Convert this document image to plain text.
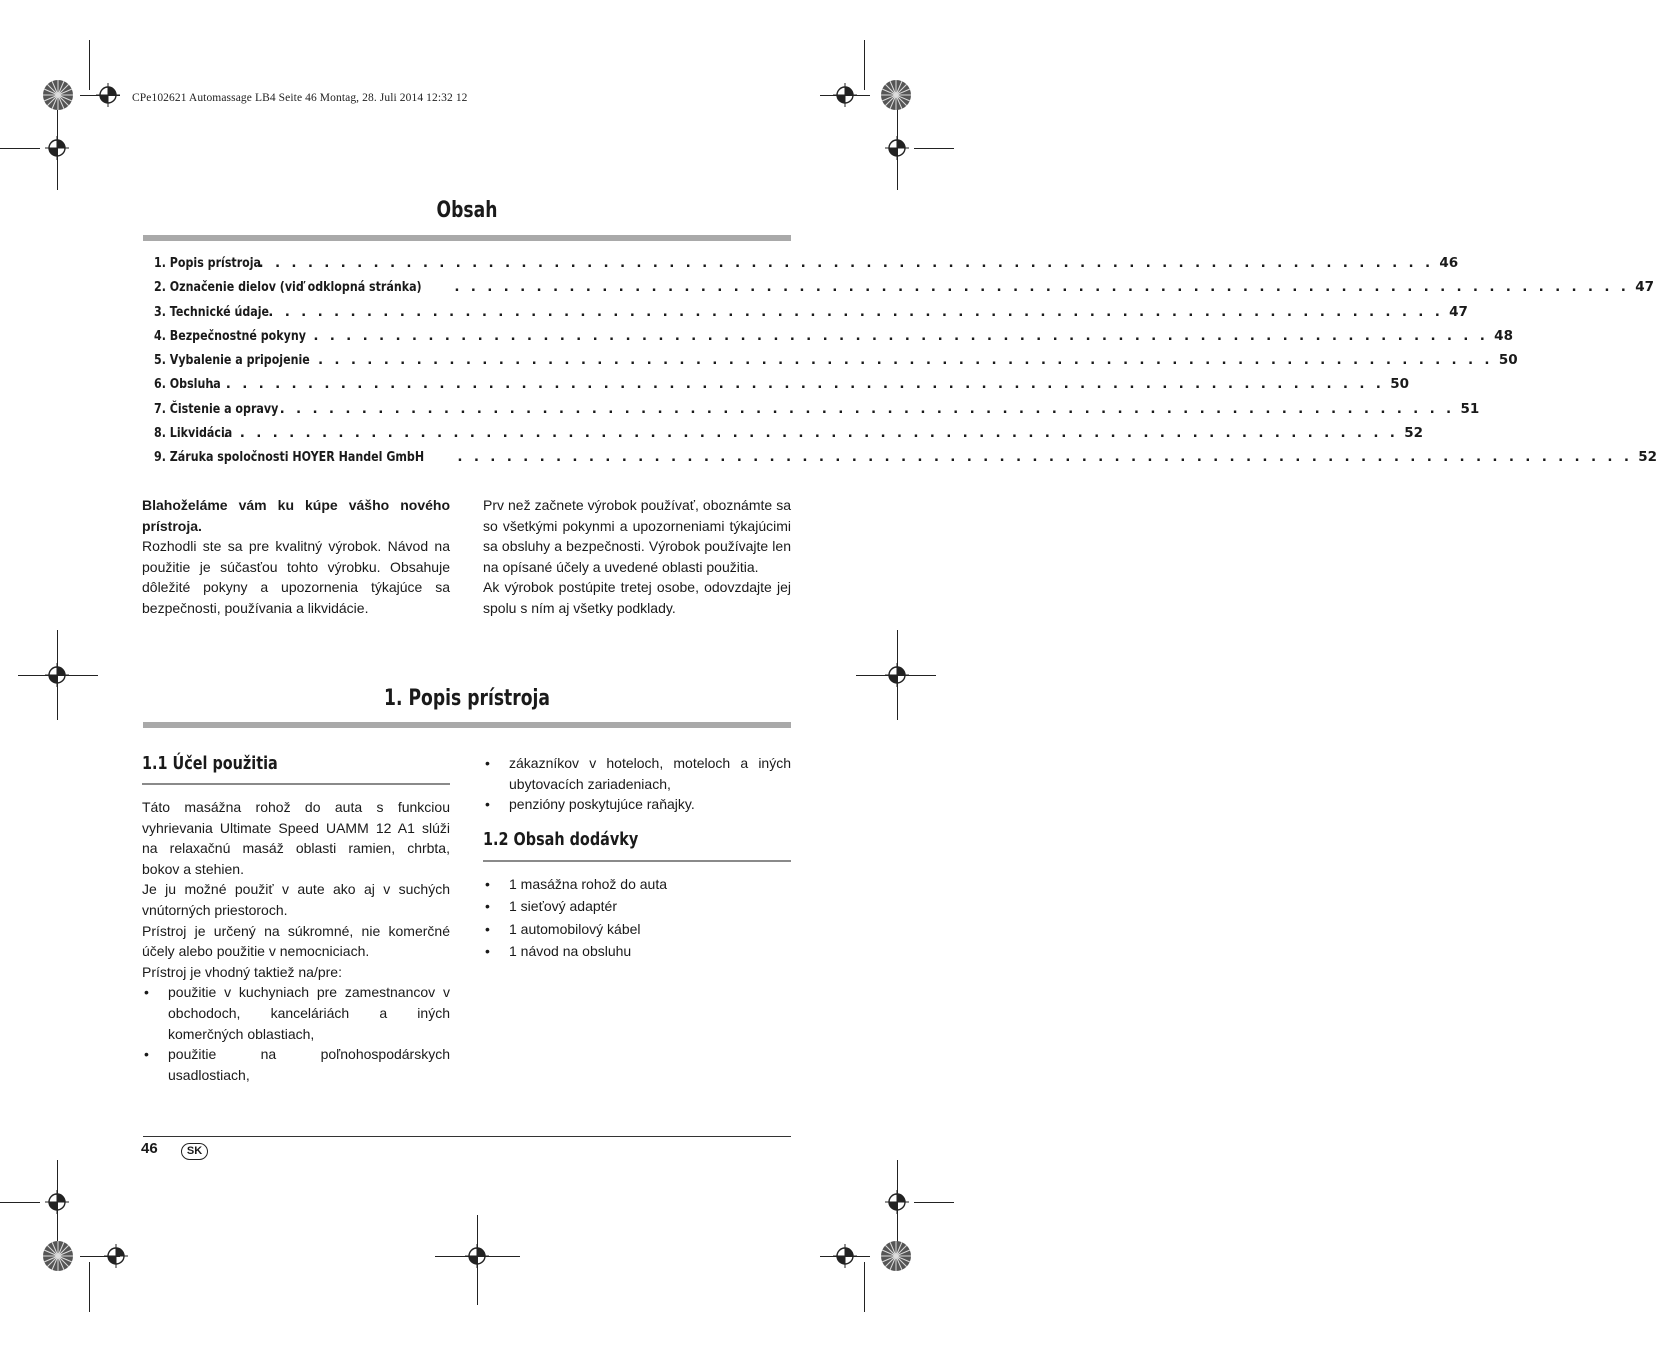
CPe102621 Automassage LB4 Seite 46 Montag, 28. Juli 2014 12:32 12
Obsah
1. Popis prístroja
. . . . . . . . . . . . . . . . . . . . . . . . . . . . . . . . . . . . . . . . . . . . . . . . . . . . . . . . . . . . . . . . . . . . . . . . 46
2. Označenie dielov (viď odklopná stránka) . . . . . . . . . . . . . . . . . . . . . . . . . . . . . . . . . . . . . . . . . . . . . . . . . . . . . . . . . . . . . . . . . . . . . . . . 47
3. Technické údaje . . . . . . . . . . . . . . . . . . . . . . . . . . . . . . . . . . . . . . . . . . . . . . . . . . . . . . . . . . . . . . . . . . . . . . . . 47
4. Bezpečnostné pokyny . . . . . . . . . . . . . . . . . . . . . . . . . . . . . . . . . . . . . . . . . . . . . . . . . . . . . . . . . . . . . . . . . . . . . . . . 48
5. Vybalenie a pripojenie . . . . . . . . . . . . . . . . . . . . . . . . . . . . . . . . . . . . . . . . . . . . . . . . . . . . . . . . . . . . . . . . . . . . . . . . 50
6. Obsluha
. . . . . . . . . . . . . . . . . . . . . . . . . . . . . . . . . . . . . . . . . . . . . . . . . . . . . . . . . . . . . . . . . . . . . . . . 50
7. Čistenie a opravy . . . . . . . . . . . . . . . . . . . . . . . . . . . . . . . . . . . . . . . . . . . . . . . . . . . . . . . . . . . . . . . . . . . . . . . . 51
8. Likvidácia
. . . . . . . . . . . . . . . . . . . . . . . . . . . . . . . . . . . . . . . . . . . . . . . . . . . . . . . . . . . . . . . . . . . . . . . . 52
9. Záruka spoločnosti HOYER Handel GmbH . . . . . . . . . . . . . . . . . . . . . . . . . . . . . . . . . . . . . . . . . . . . . . . . . . . . . . . . . . . . . . . . . . . . . . . . 52

Blahoželáme vám ku kúpe vášho nového prístroja.

Rozhodli ste sa pre kvalitný výrobok. Návod na použitie je súčasťou tohto výrobku. Obsahuje dôležité pokyny a upozornenia týkajúce sa bezpečnosti, používania a likvidácie.

Prv než začnete výrobok používať, oboznámte sa so všetkými pokynmi a upozorneniami týkajúcimi sa obsluhy a bezpečnosti. Výrobok používajte len na opísané účely a uvedené oblasti použitia.

Ak výrobok postúpite tretej osobe, odovzdajte jej spolu s ním aj všetky podklady.

1. Popis prístroja
1.1 Účel použitia

Táto masážna rohož do auta s funkciou vyhrievania Ultimate Speed UAMM 12 A1 slúži na relaxačnú masáž oblasti ramien, chrbta, bokov a stehien.

Je ju možné použiť v aute ako aj v suchých vnútorných priestoroch.

Prístroj je určený na súkromné, nie komerčné účely alebo použitie v nemocniciach.

Prístroj je vhodný taktiež na/pre:

• použitie v kuchyniach pre zamestnancov v obchodoch, kanceláriách a iných komerčných oblastiach,
• použitie na poľnohospodárskych usadlostiach,
• zákazníkov v hoteloch, moteloch a iných ubytovacích zariadeniach,
• penzióny poskytujúce raňajky.
1.2 Obsah dodávky
• 1 masážna rohož do auta
• 1 sieťový adaptér
• 1 automobilový kábel
• 1 návod na obsluhu
46	SK
